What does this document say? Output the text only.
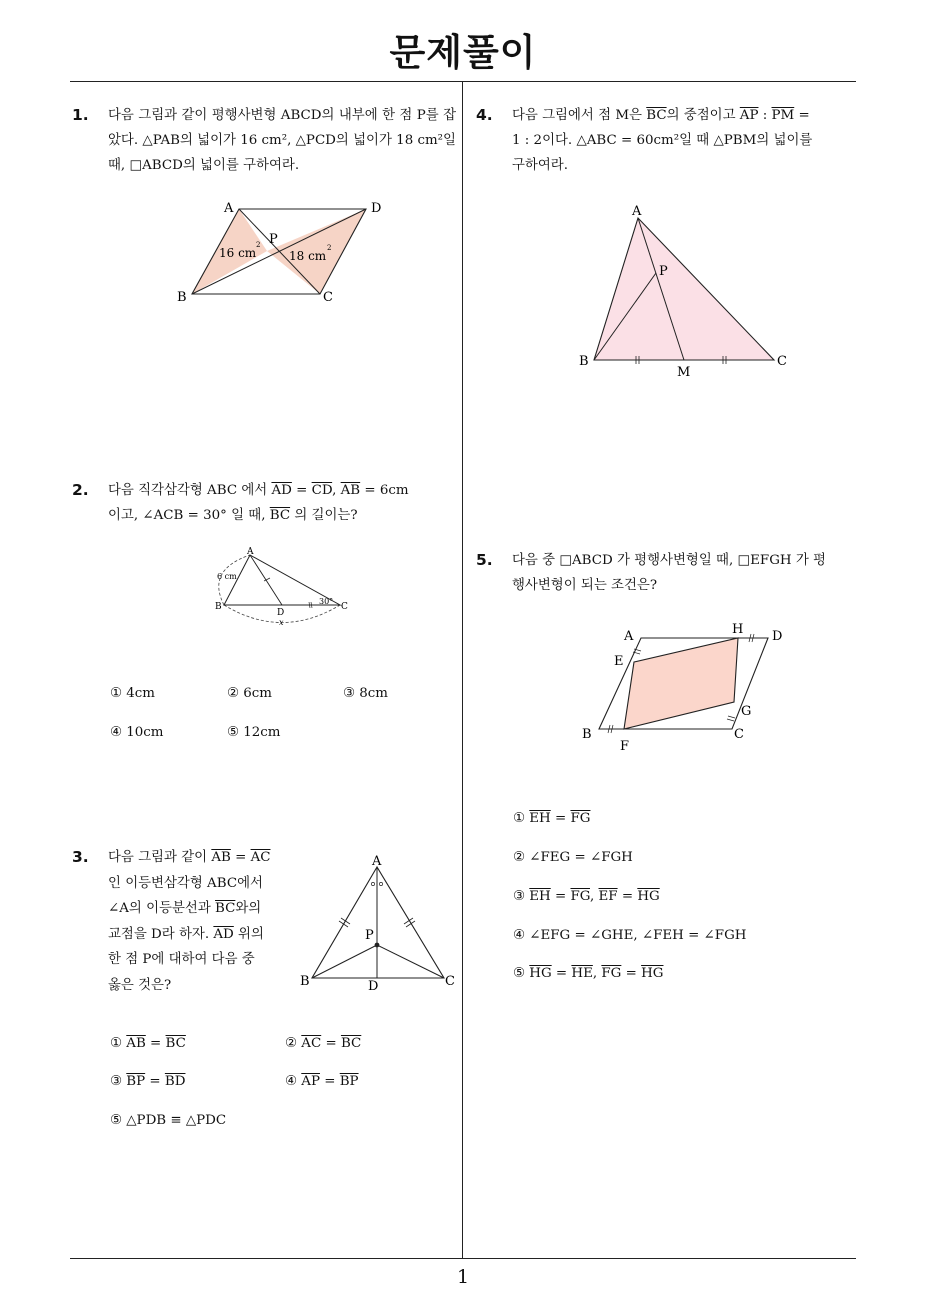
문제풀이
1
1. 다음 그림과 같이 평행사변형 ABCD의 내부에 한 점 P를 잡았다. △PAB의 넓이가 16 cm², △PCD의 넓이가 18 cm²일 때, □ABCD의 넓이를 구하여라.
A	D
B	C
P
16 cm
2
18 cm
2
2. 다음 직각삼각형 ABC 에서 $\overline{AD} = \overline{CD}$, $\overline{AB} = 6cm$
이고, ∠ACB = 30° 일 때, $\overline{BC}$ 의 길이는?
A
B	C
D
6 cm
30°
x
① 4cm	② 6cm	③ 8cm
④ 10cm	⑤ 12cm
3. 다음 그림과 같이 $\overline{AB} = \overline{AC}$
인 이등변삼각형 ABC에서
∠A의 이등분선과 $\overline{BC}$와의
교점을 D라 하자. $\overline{AD}$ 위의
한 점 P에 대하여 다음 중
옳은 것은?
A
B	C
D
P
① $\overline{AB} = \overline{BC}$	② $\overline{AC} = \overline{BC}$
③ $\overline{BP} = \overline{BD}$	④ $\overline{AP} = \overline{BP}$
⑤ △PDB ≡ △PDC
4. 다음 그림에서 점 M은 $\overline{BC}$의 중점이고 $\overline{AP}$ : $\overline{PM}$ =
1 : 2이다. △ABC = 60cm²일 때 △PBM의 넓이를
구하여라.
A
P
B	C
M
5. 다음 중 □ABCD 가 평행사변형일 때, □EFGH 가 평
행사변형이 되는 조건은?
A	H D
E
G
B	C
F
① $\overline{EH} = \overline{FG}$
② ∠FEG = ∠FGH
③ $\overline{EH} = \overline{FG}$, $\overline{EF} = \overline{HG}$
④ ∠EFG = ∠GHE, ∠FEH = ∠FGH
⑤ $\overline{HG} = \overline{HE}$, $\overline{FG} = \overline{HG}$
